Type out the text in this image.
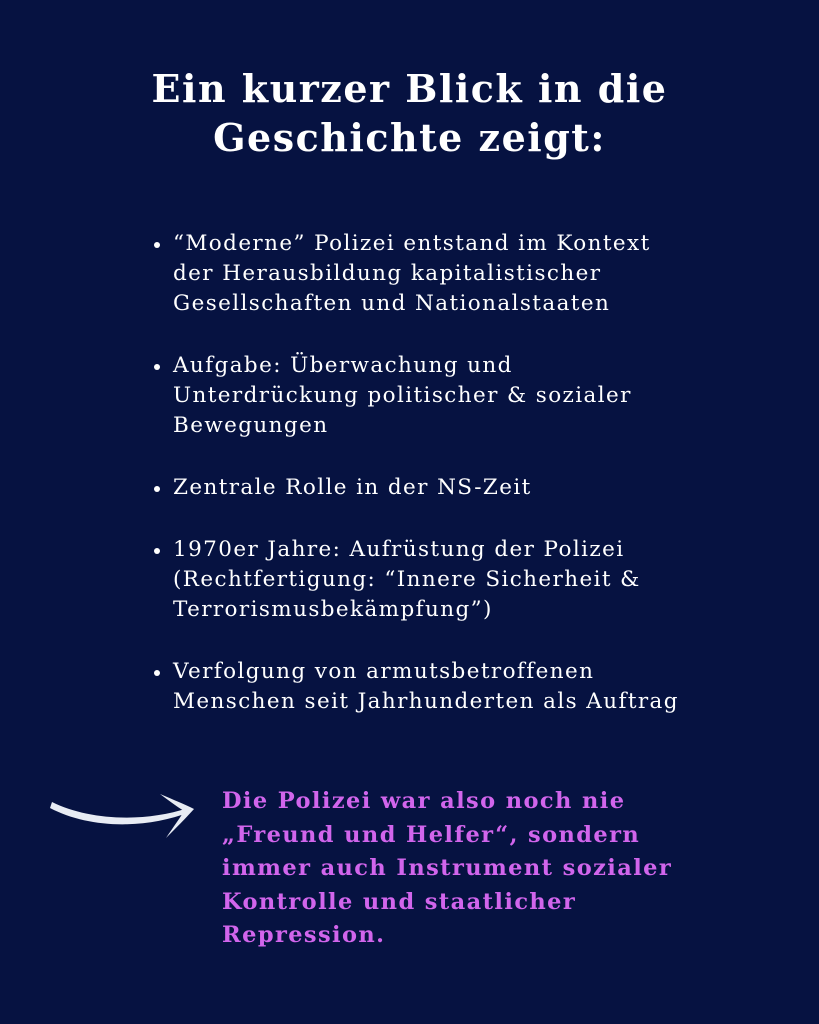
Ein kurzer Blick in die
Geschichte zeigt:
“Moderne” Polizei entstand im Kontext
der Herausbildung kapitalistischer
Gesellschaften und Nationalstaaten
Aufgabe: Überwachung und
Unterdrückung politischer & sozialer
Bewegungen
Zentrale Rolle in der NS-Zeit
1970er Jahre: Aufrüstung der Polizei
(Rechtfertigung: “Innere Sicherheit &
Terrorismusbekämpfung”)
Verfolgung von armutsbetroffenen
Menschen seit Jahrhunderten als Auftrag
Die Polizei war also noch nie
„Freund und Helfer“, sondern
immer auch Instrument sozialer
Kontrolle und staatlicher
Repression.
